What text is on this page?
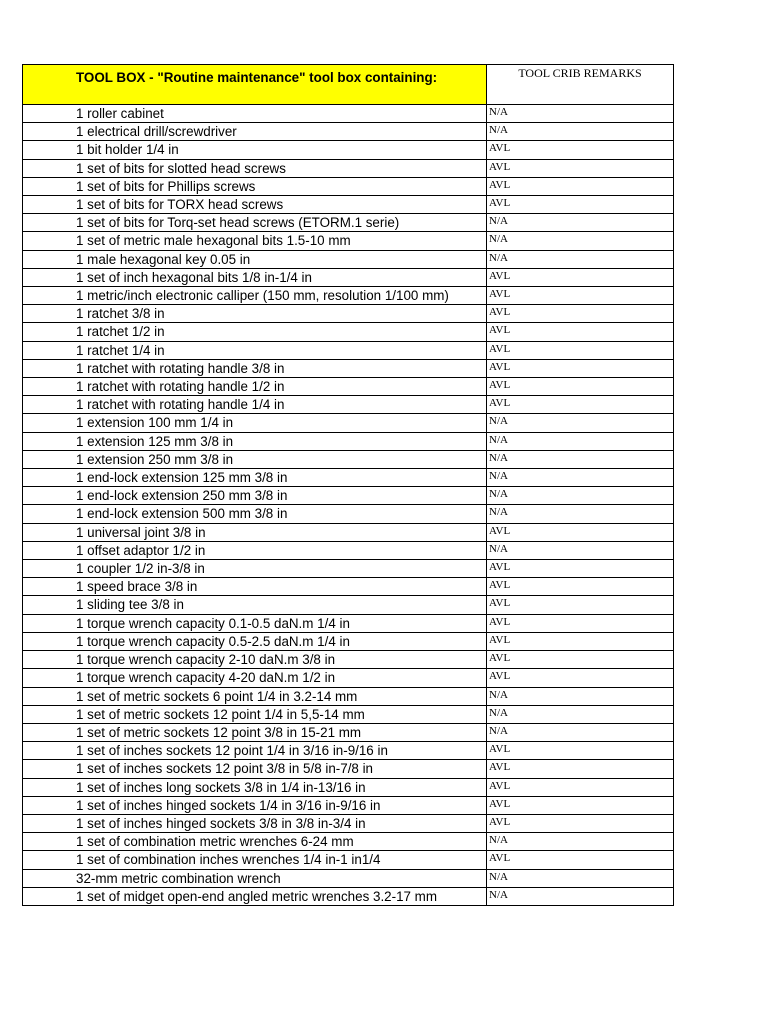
TOOL BOX - "Routine maintenance" tool box containing:	TOOL CRIB REMARKS
1 roller cabinet	N/A
1 electrical drill/screwdriver	N/A
1 bit holder 1/4 in	AVL
1 set of bits for slotted head screws	AVL
1 set of bits for Phillips screws	AVL
1 set of bits for TORX head screws	AVL
1 set of bits for Torq-set head screws (ETORM.1 serie)	N/A
1 set of metric male hexagonal bits 1.5-10 mm	N/A
1 male hexagonal key 0.05 in	N/A
1 set of inch hexagonal bits 1/8 in-1/4 in	AVL
1 metric/inch electronic calliper (150 mm, resolution 1/100 mm)	AVL
1 ratchet 3/8 in	AVL
1 ratchet 1/2 in	AVL
1 ratchet 1/4 in	AVL
1 ratchet with rotating handle 3/8 in	AVL
1 ratchet with rotating handle 1/2 in	AVL
1 ratchet with rotating handle 1/4 in	AVL
1 extension 100 mm 1/4 in	N/A
1 extension 125 mm 3/8 in	N/A
1 extension 250 mm 3/8 in	N/A
1 end-lock extension 125 mm 3/8 in	N/A
1 end-lock extension 250 mm 3/8 in	N/A
1 end-lock extension 500 mm 3/8 in	N/A
1 universal joint 3/8 in	AVL
1 offset adaptor 1/2 in	N/A
1 coupler 1/2 in-3/8 in	AVL
1 speed brace 3/8 in	AVL
1 sliding tee 3/8 in	AVL
1 torque wrench capacity 0.1-0.5 daN.m 1/4 in	AVL
1 torque wrench capacity 0.5-2.5 daN.m 1/4 in	AVL
1 torque wrench capacity 2-10 daN.m 3/8 in	AVL
1 torque wrench capacity 4-20 daN.m 1/2 in	AVL
1 set of metric sockets 6 point 1/4 in 3.2-14 mm	N/A
1 set of metric sockets 12 point 1/4 in 5,5-14 mm	N/A
1 set of metric sockets 12 point 3/8 in 15-21 mm	N/A
1 set of inches sockets 12 point 1/4 in 3/16 in-9/16 in	AVL
1 set of inches sockets 12 point 3/8 in 5/8 in-7/8 in	AVL
1 set of inches long sockets 3/8 in 1/4 in-13/16 in	AVL
1 set of inches hinged sockets 1/4 in 3/16 in-9/16 in	AVL
1 set of inches hinged sockets 3/8 in 3/8 in-3/4 in	AVL
1 set of combination metric wrenches 6-24 mm	N/A
1 set of combination inches wrenches 1/4 in-1 in1/4	AVL
32-mm metric combination wrench	N/A
1 set of midget open-end angled metric wrenches 3.2-17 mm	N/A
